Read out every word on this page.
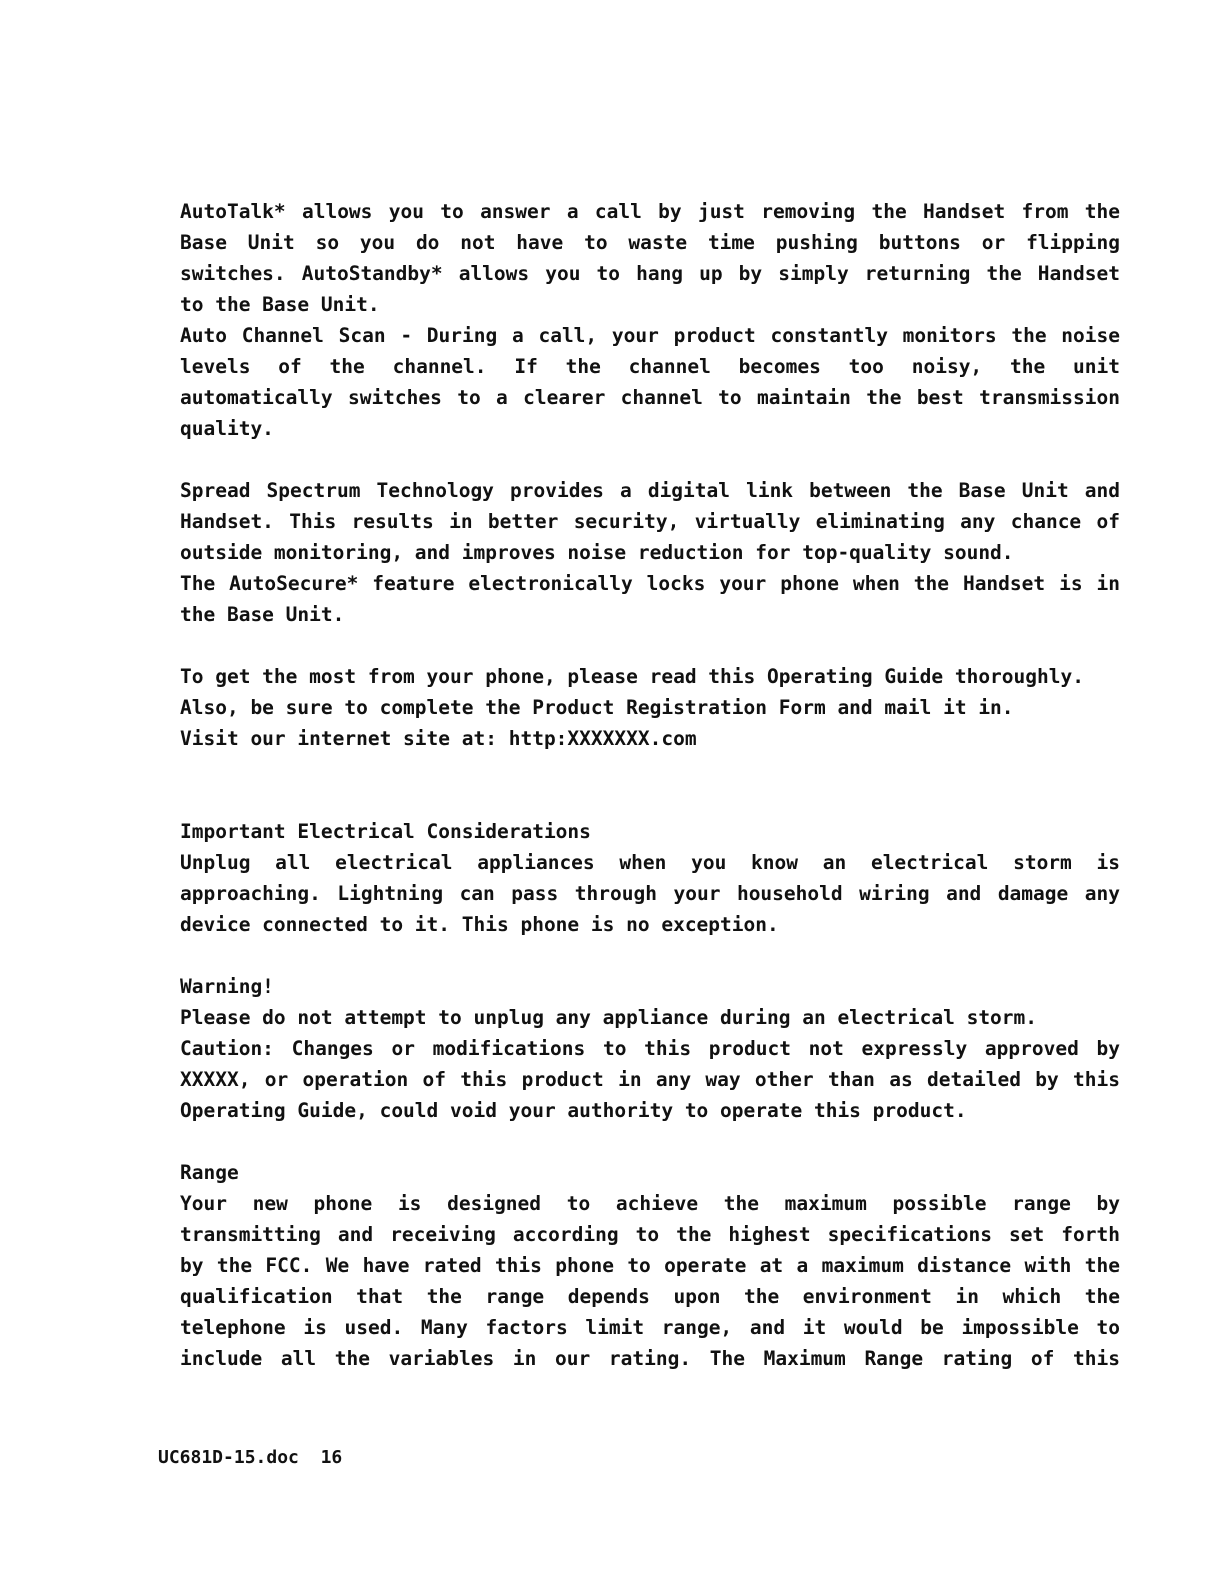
AutoTalk* allows you to answer a call by just removing the Handset from the
Base Unit so you do not have to waste time pushing buttons or flipping
switches. AutoStandby* allows you to hang up by simply returning the Handset
to the Base Unit.
Auto Channel Scan - During a call, your product constantly monitors the noise
levels of the channel. If the channel becomes too noisy, the unit
automatically switches to a clearer channel to maintain the best transmission
quality.
Spread Spectrum Technology provides a digital link between the Base Unit and
Handset. This results in better security, virtually eliminating any chance of
outside monitoring, and improves noise reduction for top-quality sound.
The AutoSecure* feature electronically locks your phone when the Handset is in
the Base Unit.
To get the most from your phone, please read this Operating Guide thoroughly.
Also, be sure to complete the Product Registration Form and mail it in.
Visit our internet site at: http:XXXXXXX.com
Important Electrical Considerations
Unplug all electrical appliances when you know an electrical storm is
approaching. Lightning can pass through your household wiring and damage any
device connected to it. This phone is no exception.
Warning!
Please do not attempt to unplug any appliance during an electrical storm.
Caution: Changes or modifications to this product not expressly approved by
XXXXX, or operation of this product in any way other than as detailed by this
Operating Guide, could void your authority to operate this product.
Range
Your new phone is designed to achieve the maximum possible range by
transmitting and receiving according to the highest specifications set forth
by the FCC. We have rated this phone to operate at a maximum distance with the
qualification that the range depends upon the environment in which the
telephone is used. Many factors limit range, and it would be impossible to
include all the variables in our rating. The Maximum Range rating of this
UC681D-15.doc 16
